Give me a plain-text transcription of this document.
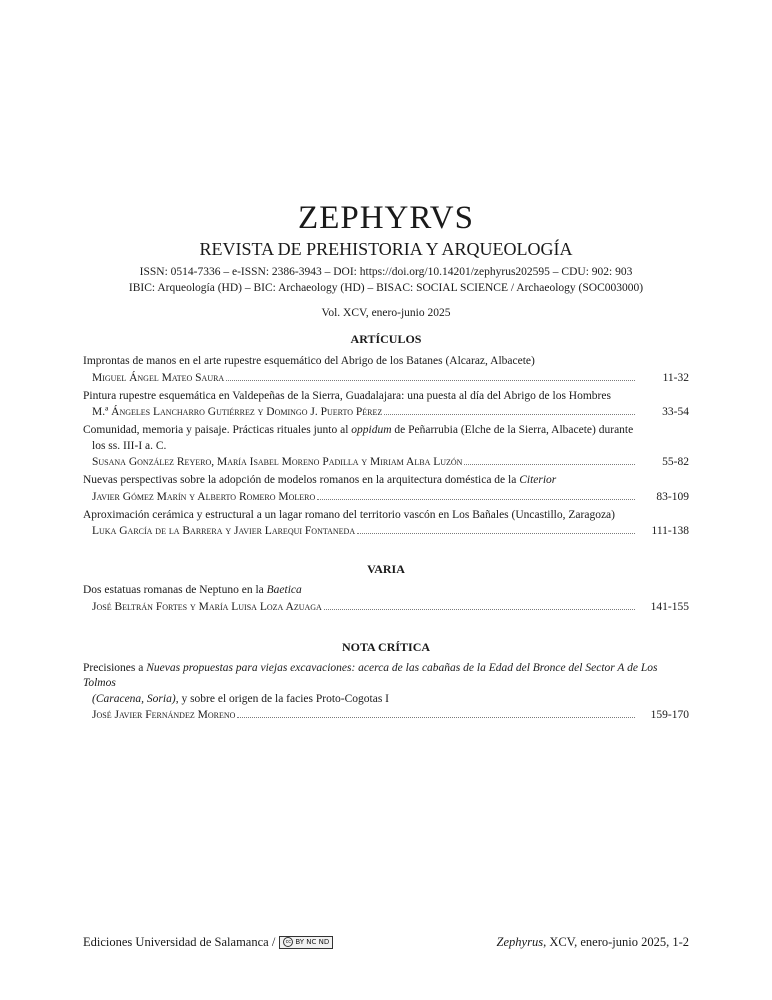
ZEPHYRVS
REVISTA DE PREHISTORIA Y ARQUEOLOGÍA
ISSN: 0514-7336 – e-ISSN: 2386-3943 – DOI: https://doi.org/10.14201/zephyrus202595 – CDU: 902: 903
IBIC: Arqueología (HD) – BIC: Archaeology (HD) – BISAC: SOCIAL SCIENCE / Archaeology (SOC003000)
Vol. XCV, enero-junio 2025
ARTÍCULOS
Improntas de manos en el arte rupestre esquemático del Abrigo de los Batanes (Alcaraz, Albacete)
Miguel Ángel Mateo Saura	11-32
Pintura rupestre esquemática en Valdepeñas de la Sierra, Guadalajara: una puesta al día del Abrigo de los Hombres
M.ª Ángeles Lancharro Gutiérrez y Domingo J. Puerto Pérez	33-54
Comunidad, memoria y paisaje. Prácticas rituales junto al oppidum de Peñarrubia (Elche de la Sierra, Albacete) durante
los ss. III-I a. C.
Susana González Reyero, María Isabel Moreno Padilla y Miriam Alba Luzón	55-82
Nuevas perspectivas sobre la adopción de modelos romanos en la arquitectura doméstica de la Citerior
Javier Gómez Marín y Alberto Romero Molero	83-109
Aproximación cerámica y estructural a un lagar romano del territorio vascón en Los Bañales (Uncastillo, Zaragoza)
Luka García de la Barrera y Javier Larequi Fontaneda	111-138
VARIA
Dos estatuas romanas de Neptuno en la Baetica
José Beltrán Fortes y María Luisa Loza Azuaga	141-155
NOTA CRÍTICA
Precisiones a Nuevas propuestas para viejas excavaciones: acerca de las cabañas de la Edad del Bronce del Sector A de Los Tolmos
(Caracena, Soria), y sobre el origen de la facies Proto-Cogotas I
José Javier Fernández Moreno	159-170
Ediciones Universidad de Salamanca /	cc BY NC ND	Zephyrus, XCV, enero-junio 2025, 1-2
